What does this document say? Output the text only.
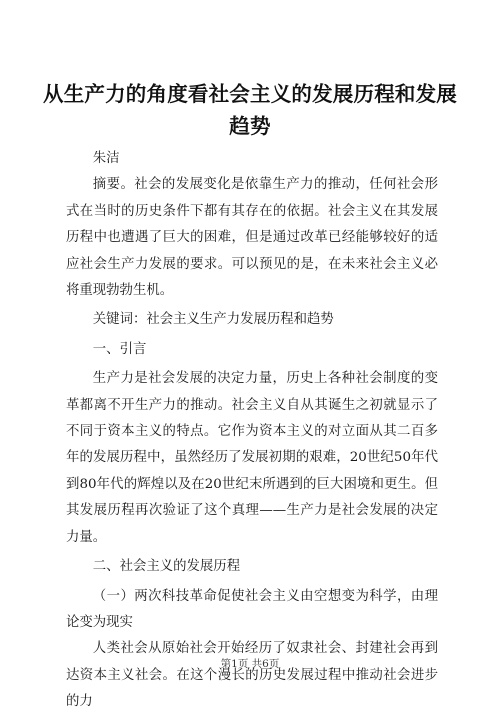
从生产力的角度看社会主义的发展历程和发展趋势

朱洁

摘要。社会的发展变化是依靠生产力的推动，任何社会形式在当时的历史条件下都有其存在的依据。社会主义在其发展历程中也遭遇了巨大的困难，但是通过改革已经能够较好的适应社会生产力发展的要求。可以预见的是，在未来社会主义必将重现勃勃生机。

关键词：社会主义生产力发展历程和趋势

一、引言

生产力是社会发展的决定力量，历史上各种社会制度的变革都离不开生产力的推动。社会主义自从其诞生之初就显示了不同于资本主义的特点。它作为资本主义的对立面从其二百多年的发展历程中，虽然经历了发展初期的艰难，20世纪50年代到80年代的辉煌以及在20世纪末所遇到的巨大困境和更生。但其发展历程再次验证了这个真理——生产力是社会发展的决定力量。

二、社会主义的发展历程

（一）两次科技革命促使社会主义由空想变为科学，由理论变为现实

人类社会从原始社会开始经历了奴隶社会、封建社会再到达资本主义社会。在这个漫长的历史发展过程中推动社会进步的力

第1页 共6页
